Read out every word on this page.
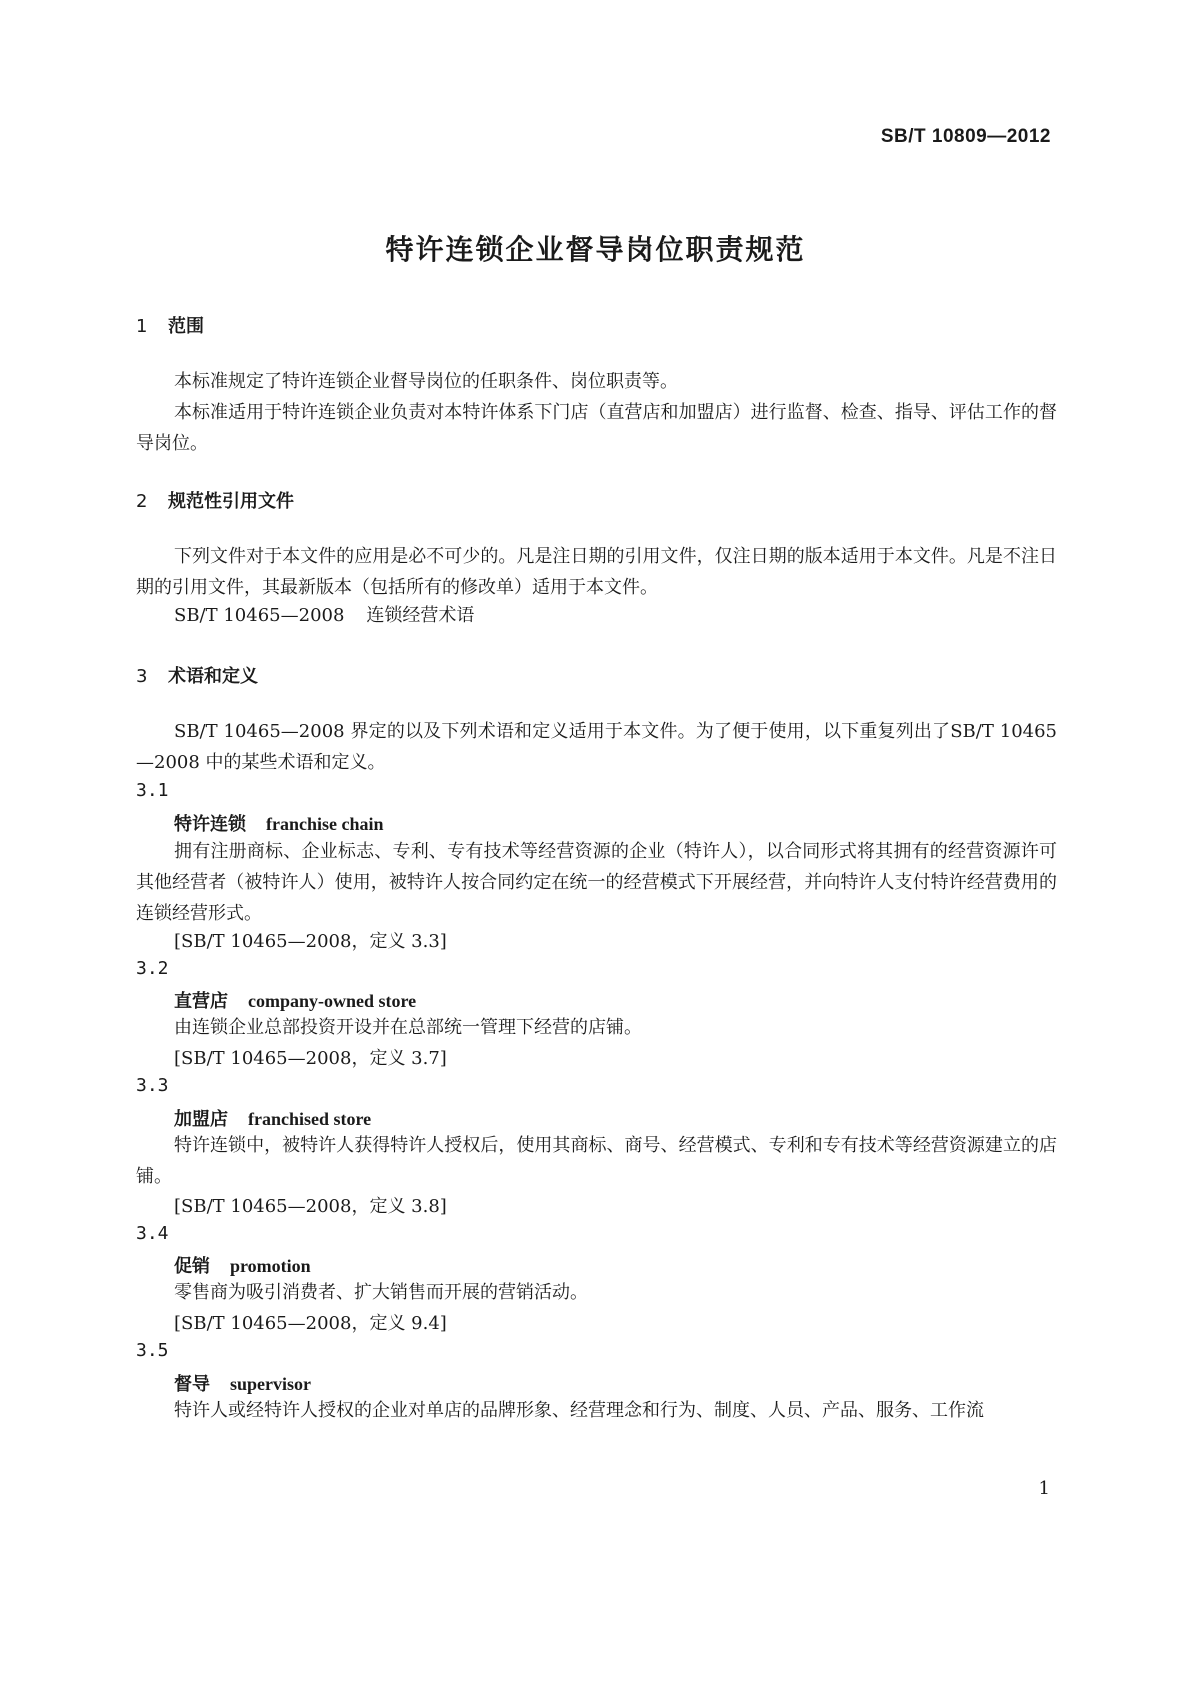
SB/T 10809—2012
特许连锁企业督导岗位职责规范
1 范围
本标准规定了特许连锁企业督导岗位的任职条件、岗位职责等。
本标准适用于特许连锁企业负责对本特许体系下门店（直营店和加盟店）进行监督、检查、指导、评估工作的督导岗位。
2 规范性引用文件
下列文件对于本文件的应用是必不可少的。凡是注日期的引用文件，仅注日期的版本适用于本文件。凡是不注日期的引用文件，其最新版本（包括所有的修改单）适用于本文件。
SB/T 10465—2008 连锁经营术语
3 术语和定义
SB/T 10465—2008 界定的以及下列术语和定义适用于本文件。为了便于使用，以下重复列出了SB/T 10465—2008 中的某些术语和定义。
3.1
特许连锁 franchise chain
拥有注册商标、企业标志、专利、专有技术等经营资源的企业（特许人），以合同形式将其拥有的经营资源许可其他经营者（被特许人）使用，被特许人按合同约定在统一的经营模式下开展经营，并向特许人支付特许经营费用的连锁经营形式。
[SB/T 10465—2008，定义 3.3]
3.2
直营店 company-owned store
由连锁企业总部投资开设并在总部统一管理下经营的店铺。
[SB/T 10465—2008，定义 3.7]
3.3
加盟店 franchised store
特许连锁中，被特许人获得特许人授权后，使用其商标、商号、经营模式、专利和专有技术等经营资源建立的店铺。
[SB/T 10465—2008，定义 3.8]
3.4
促销 promotion
零售商为吸引消费者、扩大销售而开展的营销活动。
[SB/T 10465—2008，定义 9.4]
3.5
督导 supervisor
特许人或经特许人授权的企业对单店的品牌形象、经营理念和行为、制度、人员、产品、服务、工作流
1
